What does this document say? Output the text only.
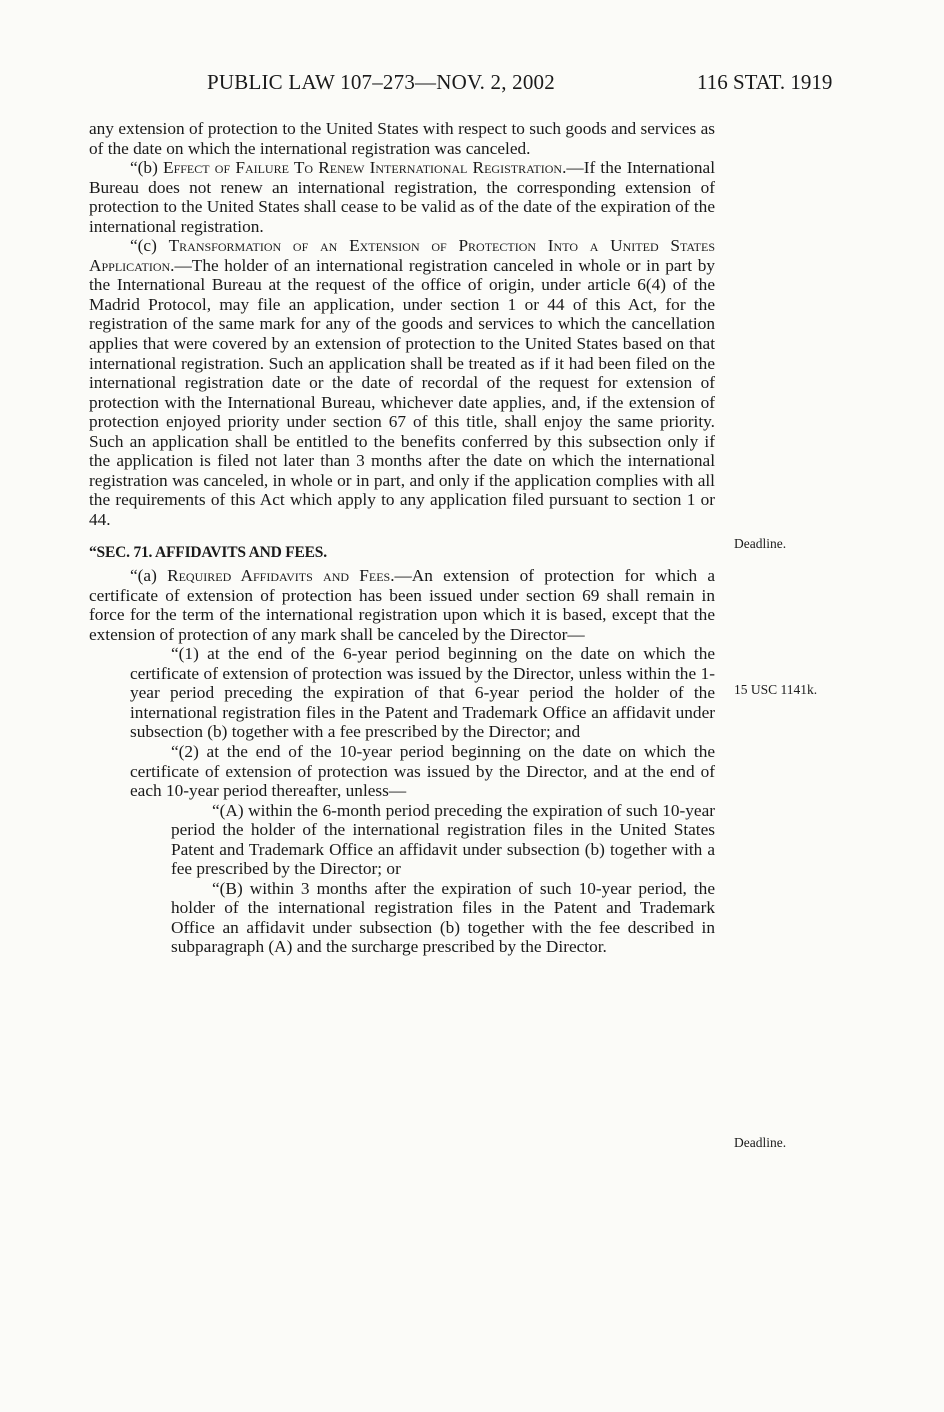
PUBLIC LAW 107–273—NOV. 2, 2002	116 STAT. 1919

any extension of protection to the United States with respect to such goods and services as of the date on which the international registration was canceled.

“(b) Effect of Failure To Renew International Registration.—If the International Bureau does not renew an international registration, the corresponding extension of protection to the United States shall cease to be valid as of the date of the expiration of the international registration.

“(c) Transformation of an Extension of Protection Into a United States Application.—The holder of an international registration canceled in whole or in part by the International Bureau at the request of the office of origin, under article 6(4) of the Madrid Protocol, may file an application, under section 1 or 44 of this Act, for the registration of the same mark for any of the goods and services to which the cancellation applies that were covered by an extension of protection to the United States based on that international registration. Such an application shall be treated as if it had been filed on the international registration date or the date of recordal of the request for extension of protection with the International Bureau, whichever date applies, and, if the extension of protection enjoyed priority under section 67 of this title, shall enjoy the same priority. Such an application shall be entitled to the benefits conferred by this subsection only if the application is filed not later than 3 months after the date on which the international registration was canceled, in whole or in part, and only if the application complies with all the requirements of this Act which apply to any application filed pursuant to section 1 or 44.

“SEC. 71. AFFIDAVITS AND FEES.

“(a) Required Affidavits and Fees.—An extension of protection for which a certificate of extension of protection has been issued under section 69 shall remain in force for the term of the international registration upon which it is based, except that the extension of protection of any mark shall be canceled by the Director—

“(1) at the end of the 6-year period beginning on the date on which the certificate of extension of protection was issued by the Director, unless within the 1-year period preceding the expiration of that 6-year period the holder of the international registration files in the Patent and Trademark Office an affidavit under subsection (b) together with a fee prescribed by the Director; and

“(2) at the end of the 10-year period beginning on the date on which the certificate of extension of protection was issued by the Director, and at the end of each 10-year period thereafter, unless—

“(A) within the 6-month period preceding the expiration of such 10-year period the holder of the international registration files in the United States Patent and Trademark Office an affidavit under subsection (b) together with a fee prescribed by the Director; or

“(B) within 3 months after the expiration of such 10-year period, the holder of the international registration files in the Patent and Trademark Office an affidavit under subsection (b) together with the fee described in subparagraph (A) and the surcharge prescribed by the Director.

Deadline.
15 USC 1141k.
Deadline.
